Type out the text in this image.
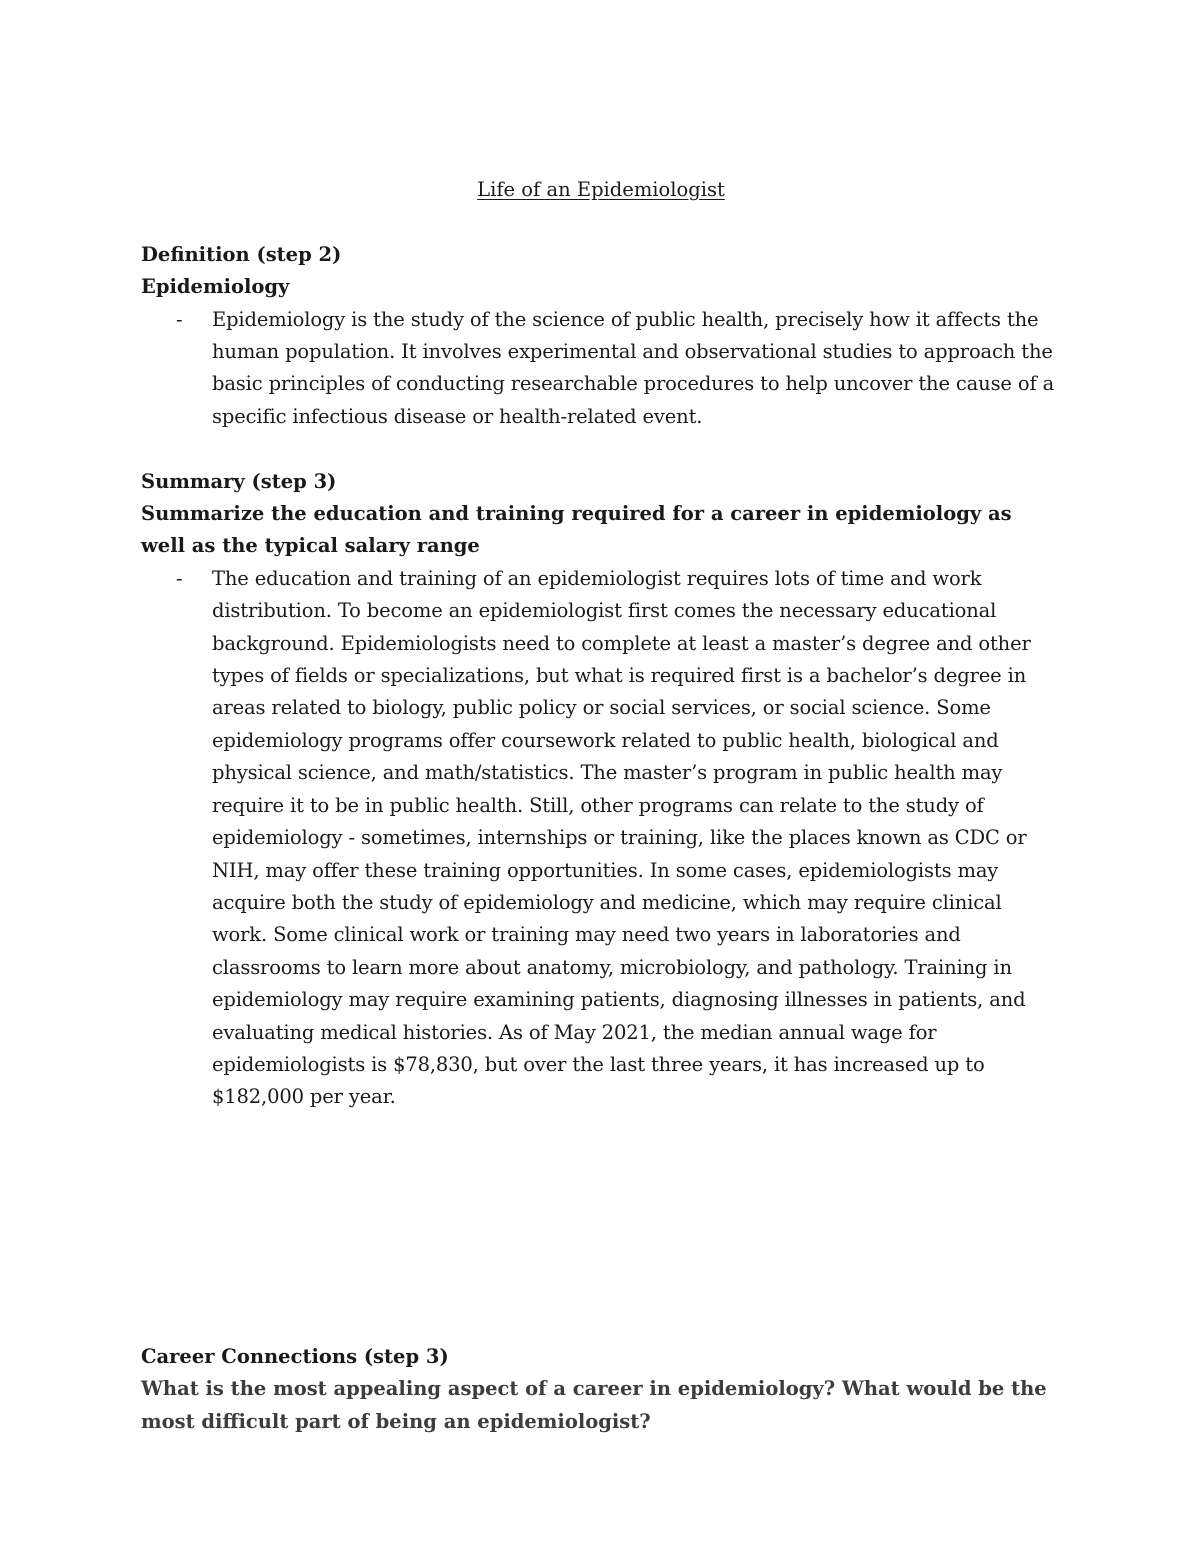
Life of an Epidemiologist

Definition (step 2)

Epidemiology

- Epidemiology is the study of the science of public health, precisely how it affects the human population. It involves experimental and observational studies to approach the basic principles of conducting researchable procedures to help uncover the cause of a specific infectious disease or health-related event.

Summary (step 3)

Summarize the education and training required for a career in epidemiology as well as the typical salary range

- The education and training of an epidemiologist requires lots of time and work distribution. To become an epidemiologist first comes the necessary educational background. Epidemiologists need to complete at least a master’s degree and other types of fields or specializations, but what is required first is a bachelor’s degree in areas related to biology, public policy or social services, or social science. Some epidemiology programs offer coursework related to public health, biological and physical science, and math/statistics. The master’s program in public health may require it to be in public health. Still, other programs can relate to the study of epidemiology - sometimes, internships or training, like the places known as CDC or NIH, may offer these training opportunities. In some cases, epidemiologists may acquire both the study of epidemiology and medicine, which may require clinical work. Some clinical work or training may need two years in laboratories and classrooms to learn more about anatomy, microbiology, and pathology. Training in epidemiology may require examining patients, diagnosing illnesses in patients, and evaluating medical histories. As of May 2021, the median annual wage for epidemiologists is $78,830, but over the last three years, it has increased up to $182,000 per year.

Career Connections (step 3)

What is the most appealing aspect of a career in epidemiology? What would be the most difficult part of being an epidemiologist?
